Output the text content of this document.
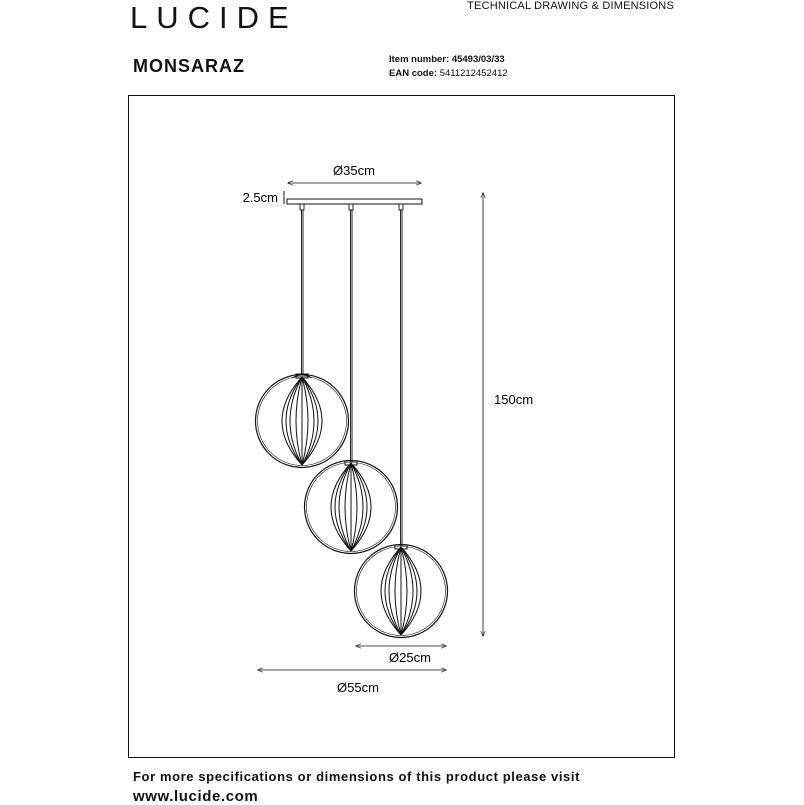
LUCIDE	TECHNICAL DRAWING & DIMENSIONS
MONSARAZ	Item number: 45493/03/33
EAN code: 5411212452412
Ø35cm
2.5cm
150cm
Ø25cm
Ø55cm
For more specifications or dimensions of this product please visit
www.lucide.com
